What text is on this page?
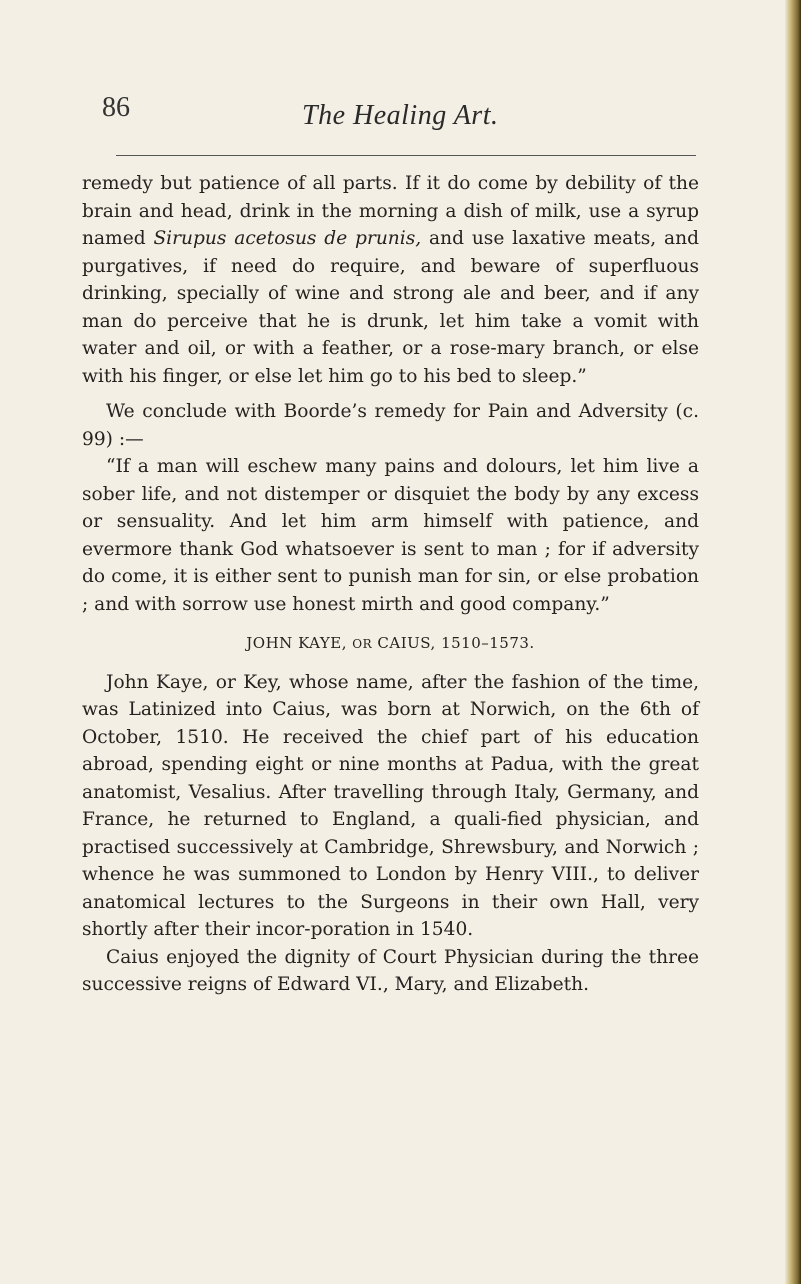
86	The Healing Art.

remedy but patience of all parts. If it do come by debility of the brain and head, drink in the morning a dish of milk, use a syrup named Sirupus acetosus de prunis, and use laxative meats, and purgatives, if need do require, and beware of superfluous drinking, specially of wine and strong ale and beer, and if any man do perceive that he is drunk, let him take a vomit with water and oil, or with a feather, or a rose-mary branch, or else with his finger, or else let him go to his bed to sleep.”

We conclude with Boorde’s remedy for Pain and Adversity (c. 99) :—

“If a man will eschew many pains and dolours, let him live a sober life, and not distemper or disquiet the body by any excess or sensuality. And let him arm himself with patience, and evermore thank God whatsoever is sent to man ; for if adversity do come, it is either sent to punish man for sin, or else probation ; and with sorrow use honest mirth and good company.”

JOHN KAYE, OR CAIUS, 1510–1573.

John Kaye, or Key, whose name, after the fashion of the time, was Latinized into Caius, was born at Norwich, on the 6th of October, 1510. He received the chief part of his education abroad, spending eight or nine months at Padua, with the great anatomist, Vesalius. After travelling through Italy, Germany, and France, he returned to England, a quali-fied physician, and practised successively at Cambridge, Shrewsbury, and Norwich ; whence he was summoned to London by Henry VIII., to deliver anatomical lectures to the Surgeons in their own Hall, very shortly after their incor-poration in 1540.

Caius enjoyed the dignity of Court Physician during the three successive reigns of Edward VI., Mary, and Elizabeth.
